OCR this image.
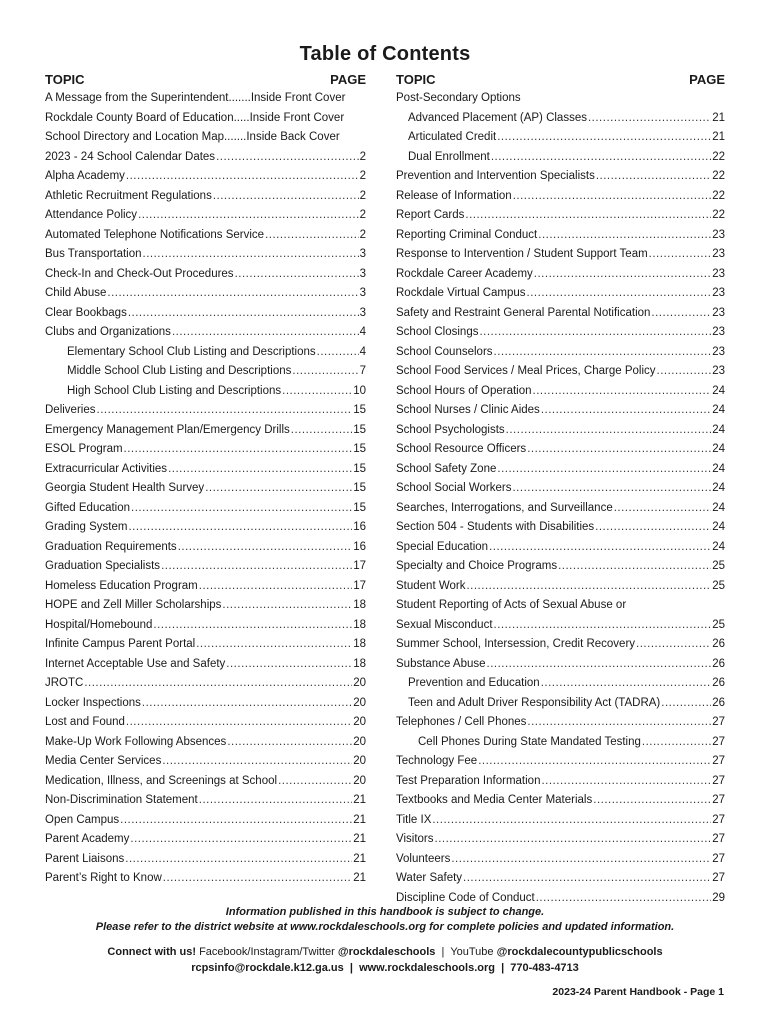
Table of Contents
TOPIC	PAGE
A Message from the Superintendent.......Inside Front Cover
Rockdale County Board of Education.....Inside Front Cover
School Directory and Location Map.......Inside Back Cover
2023 - 24 School Calendar Dates .....	2
Alpha Academy .....	2
Athletic Recruitment Regulations .....	2
Attendance Policy .....	2
Automated Telephone Notifications Service .....	2
Bus Transportation .....	3
Check-In and Check-Out Procedures .....	3
Child Abuse .....	3
Clear Bookbags .....	3
Clubs and Organizations .....	4
Elementary School Club Listing and Descriptions .....	4
Middle School Club Listing and Descriptions .....	7
High School Club Listing and Descriptions .....	10
Deliveries .....	15
Emergency Management Plan/Emergency Drills .....	15
ESOL Program .....	15
Extracurricular Activities .....	15
Georgia Student Health Survey .....	15
Gifted Education .....	15
Grading System .....	16
Graduation Requirements .....	16
Graduation Specialists .....	17
Homeless Education Program .....	17
HOPE and Zell Miller Scholarships .....	18
Hospital/Homebound .....	18
Infinite Campus Parent Portal .....	18
Internet Acceptable Use and Safety .....	18
JROTC .....	20
Locker Inspections .....	20
Lost and Found .....	20
Make-Up Work Following Absences .....	20
Media Center Services .....	20
Medication, Illness, and Screenings at School .....	20
Non-Discrimination Statement .....	21
Open Campus .....	21
Parent Academy .....	21
Parent Liaisons .....	21
Parent’s Right to Know .....	21
TOPIC	PAGE
Post-Secondary Options
Advanced Placement (AP) Classes .....	21
Articulated Credit .....	21
Dual Enrollment .....	22
Prevention and Intervention Specialists .....	22
Release of Information .....	22
Report Cards .....	22
Reporting Criminal Conduct .....	23
Response to Intervention / Student Support Team .....	23
Rockdale Career Academy .....	23
Rockdale Virtual Campus .....	23
Safety and Restraint General Parental Notification .....	23
School Closings .....	23
School Counselors .....	23
School Food Services / Meal Prices, Charge Policy .....	23
School Hours of Operation .....	24
School Nurses / Clinic Aides .....	24
School Psychologists .....	24
School Resource Officers .....	24
School Safety Zone .....	24
School Social Workers .....	24
Searches, Interrogations, and Surveillance .....	24
Section 504 - Students with Disabilities .....	24
Special Education .....	24
Specialty and Choice Programs .....	25
Student Work .....	25
Student Reporting of Acts of Sexual Abuse or
Sexual Misconduct .....	25
Summer School, Intersession, Credit Recovery .....	26
Substance Abuse .....	26
Prevention and Education .....	26
Teen and Adult Driver Responsibility Act (TADRA) .....	26
Telephones / Cell Phones .....	27
Cell Phones During State Mandated Testing .....	27
Technology Fee .....	27
Test Preparation Information .....	27
Textbooks and Media Center Materials .....	27
Title IX .....	27
Visitors .....	27
Volunteers .....	27
Water Safety .....	27
Discipline Code of Conduct .....	29
Information published in this handbook is subject to change.
Please refer to the district website at www.rockdaleschools.org for complete policies and updated information.
Connect with us! Facebook/Instagram/Twitter @rockdaleschools  |  YouTube @rockdalecountypublicschools
rcpsinfo@rockdale.k12.ga.us  |  www.rockdaleschools.org  |  770-483-4713
2023-24 Parent Handbook - Page 1
